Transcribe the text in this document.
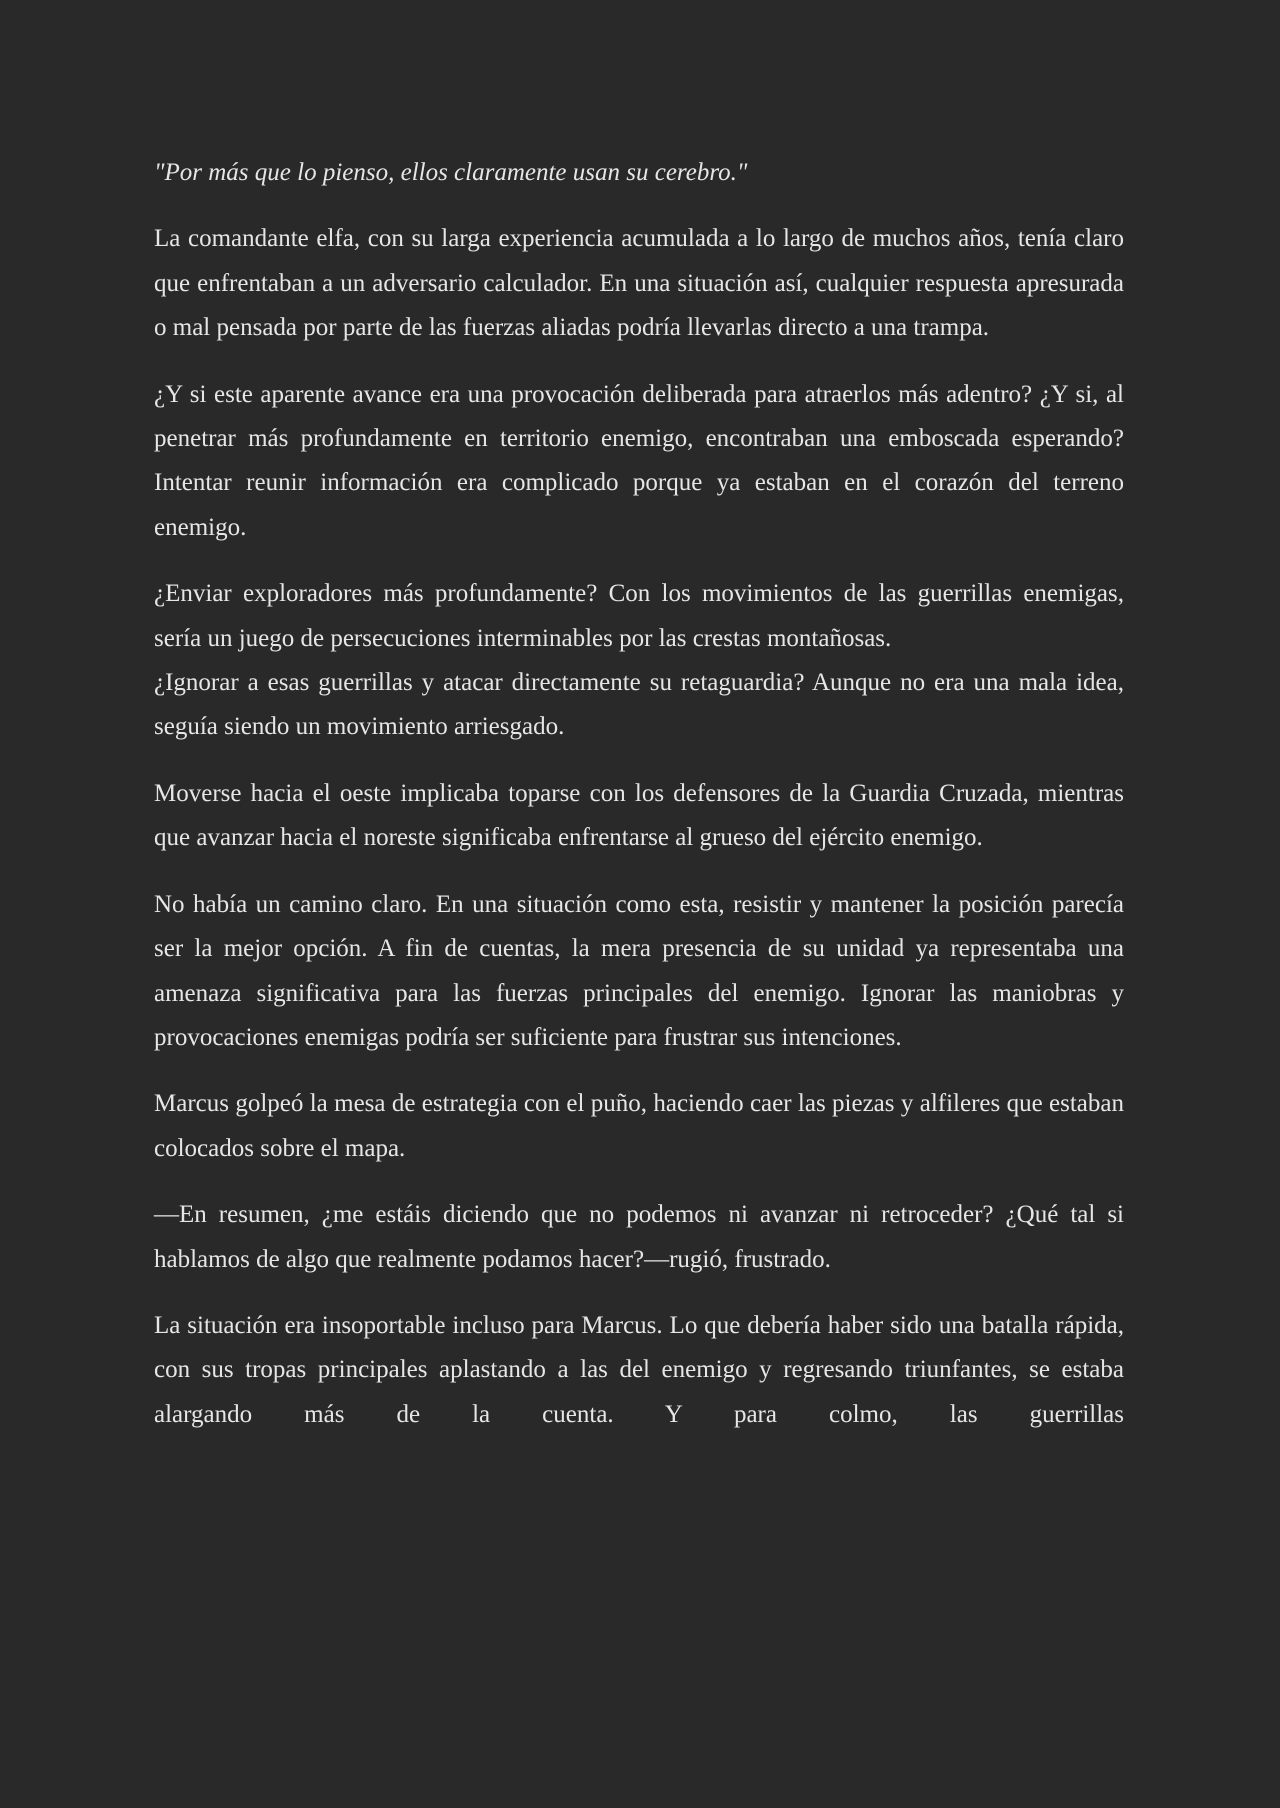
"Por más que lo pienso, ellos claramente usan su cerebro."

La comandante elfa, con su larga experiencia acumulada a lo largo de muchos años, tenía claro que enfrentaban a un adversario calculador. En una situación así, cualquier respuesta apresurada o mal pensada por parte de las fuerzas aliadas podría llevarlas directo a una trampa.

¿Y si este aparente avance era una provocación deliberada para atraerlos más adentro? ¿Y si, al penetrar más profundamente en territorio enemigo, encontraban una emboscada esperando? Intentar reunir información era complicado porque ya estaban en el corazón del terreno enemigo.

¿Enviar exploradores más profundamente? Con los movimientos de las guerrillas enemigas, sería un juego de persecuciones interminables por las crestas montañosas.

¿Ignorar a esas guerrillas y atacar directamente su retaguardia? Aunque no era una mala idea, seguía siendo un movimiento arriesgado.

Moverse hacia el oeste implicaba toparse con los defensores de la Guardia Cruzada, mientras que avanzar hacia el noreste significaba enfrentarse al grueso del ejército enemigo.

No había un camino claro. En una situación como esta, resistir y mantener la posición parecía ser la mejor opción. A fin de cuentas, la mera presencia de su unidad ya representaba una amenaza significativa para las fuerzas principales del enemigo. Ignorar las maniobras y provocaciones enemigas podría ser suficiente para frustrar sus intenciones.

Marcus golpeó la mesa de estrategia con el puño, haciendo caer las piezas y alfileres que estaban colocados sobre el mapa.

—En resumen, ¿me estáis diciendo que no podemos ni avanzar ni retroceder? ¿Qué tal si hablamos de algo que realmente podamos hacer?—rugió, frustrado.

La situación era insoportable incluso para Marcus. Lo que debería haber sido una batalla rápida, con sus tropas principales aplastando a las del enemigo y regresando triunfantes, se estaba alargando más de la cuenta. Y para colmo, las guerrillas
